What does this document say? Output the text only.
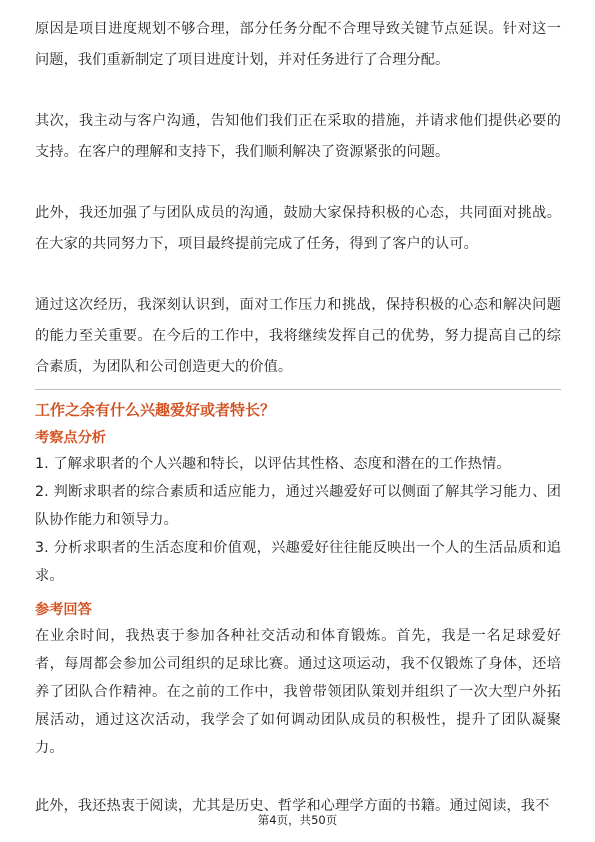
原因是项目进度规划不够合理，部分任务分配不合理导致关键节点延误。针对这一问题，我们重新制定了项目进度计划，并对任务进行了合理分配。

其次，我主动与客户沟通，告知他们我们正在采取的措施，并请求他们提供必要的支持。在客户的理解和支持下，我们顺利解决了资源紧张的问题。

此外，我还加强了与团队成员的沟通，鼓励大家保持积极的心态，共同面对挑战。在大家的共同努力下，项目最终提前完成了任务，得到了客户的认可。

通过这次经历，我深刻认识到，面对工作压力和挑战，保持积极的心态和解决问题的能力至关重要。在今后的工作中，我将继续发挥自己的优势，努力提高自己的综合素质，为团队和公司创造更大的价值。

工作之余有什么兴趣爱好或者特长？
考察点分析

1. 了解求职者的个人兴趣和特长，以评估其性格、态度和潜在的工作热情。

2. 判断求职者的综合素质和适应能力，通过兴趣爱好可以侧面了解其学习能力、团队协作能力和领导力。

3. 分析求职者的生活态度和价值观，兴趣爱好往往能反映出一个人的生活品质和追求。

参考回答

在业余时间，我热衷于参加各种社交活动和体育锻炼。首先，我是一名足球爱好者，每周都会参加公司组织的足球比赛。通过这项运动，我不仅锻炼了身体，还培养了团队合作精神。在之前的工作中，我曾带领团队策划并组织了一次大型户外拓展活动，通过这次活动，我学会了如何调动团队成员的积极性，提升了团队凝聚力。

此外，我还热衷于阅读，尤其是历史、哲学和心理学方面的书籍。通过阅读，我不

第4页，共50页
